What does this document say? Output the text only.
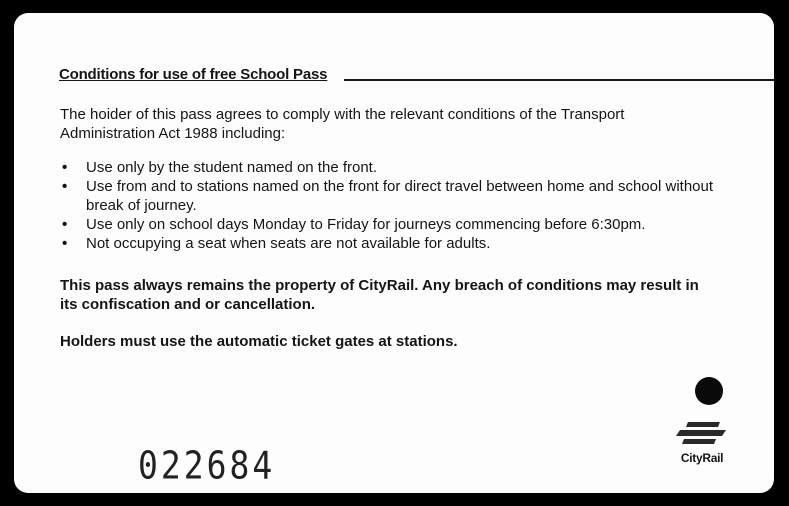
Conditions for use of free School Pass

The hoider of this pass agrees to comply with the relevant conditions of the Transport Administration Act 1988 including:

• Use only by the student named on the front.
• Use from and to stations named on the front for direct travel between home and school without break of journey.
• Use only on school days Monday to Friday for journeys commencing before 6:30pm.
• Not occupying a seat when seats are not available for adults.

This pass always remains the property of CityRail. Any breach of conditions may result in its confiscation and or cancellation.

Holders must use the automatic ticket gates at stations.

022684	CityRail
